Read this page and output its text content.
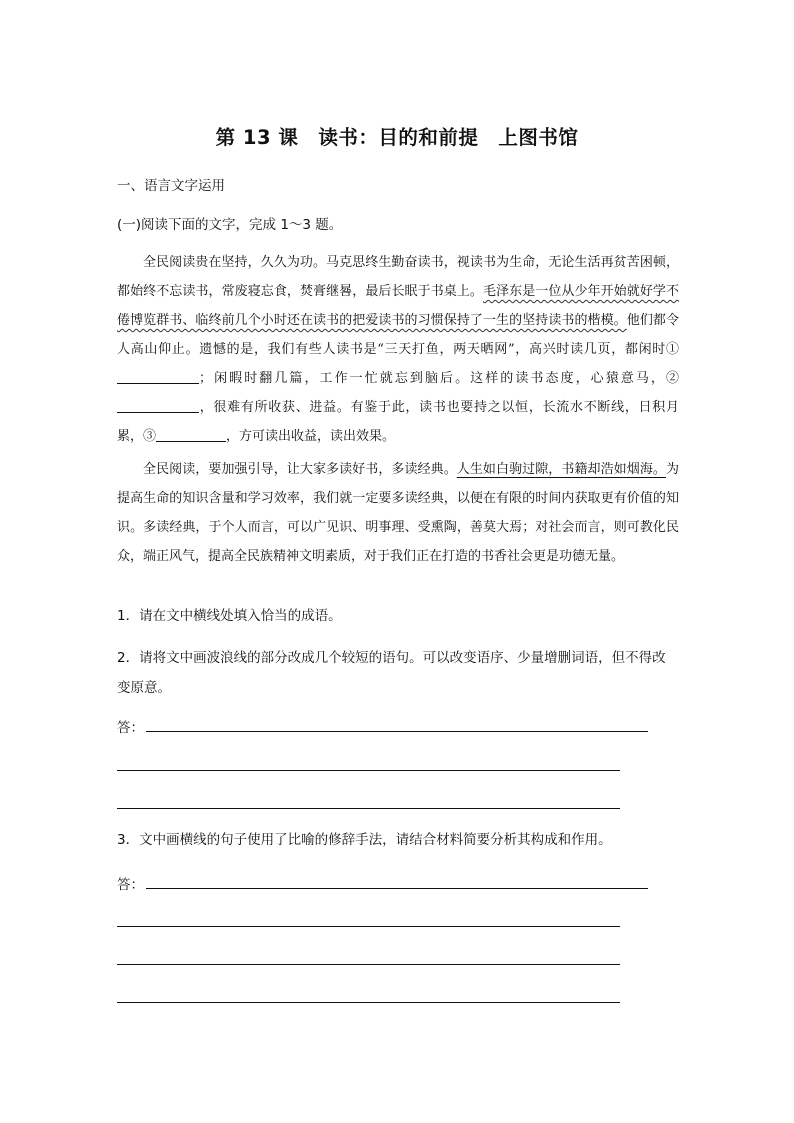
第 13 课　读书：目的和前提　上图书馆
一、语言文字运用
(一)阅读下面的文字，完成 1～3 题。

全民阅读贵在坚持，久久为功。马克思终生勤奋读书，视读书为生命，无论生活再贫苦困顿，都始终不忘读书，常废寝忘食，焚膏继晷，最后长眠于书桌上。毛泽东是一位从少年开始就好学不倦博览群书、临终前几个小时还在读书的把爱读书的习惯保持了一生的坚持读书的楷模。他们都令人高山仰止。遗憾的是，我们有些人读书是“三天打鱼，两天晒网”，高兴时读几页，都闲时①；闲暇时翻几篇，工作一忙就忘到脑后。这样的读书态度，心猿意马，②，很难有所收获、进益。有鉴于此，读书也要持之以恒，长流水不断线，日积月累，③	，方可读出收益，读出效果。

全民阅读，要加强引导，让大家多读好书，多读经典。人生如白驹过隙，书籍却浩如烟海。为提高生命的知识含量和学习效率，我们就一定要多读经典，以便在有限的时间内获取更有价值的知识。多读经典，于个人而言，可以广见识、明事理、受熏陶，善莫大焉；对社会而言，则可教化民众，端正风气，提高全民族精神文明素质，对于我们正在打造的书香社会更是功德无量。

1．请在文中横线处填入恰当的成语。
2．请将文中画波浪线的部分改成几个较短的语句。可以改变语序、少量增删词语，但不得改变原意。
答：
3．文中画横线的句子使用了比喻的修辞手法，请结合材料简要分析其构成和作用。
答：
